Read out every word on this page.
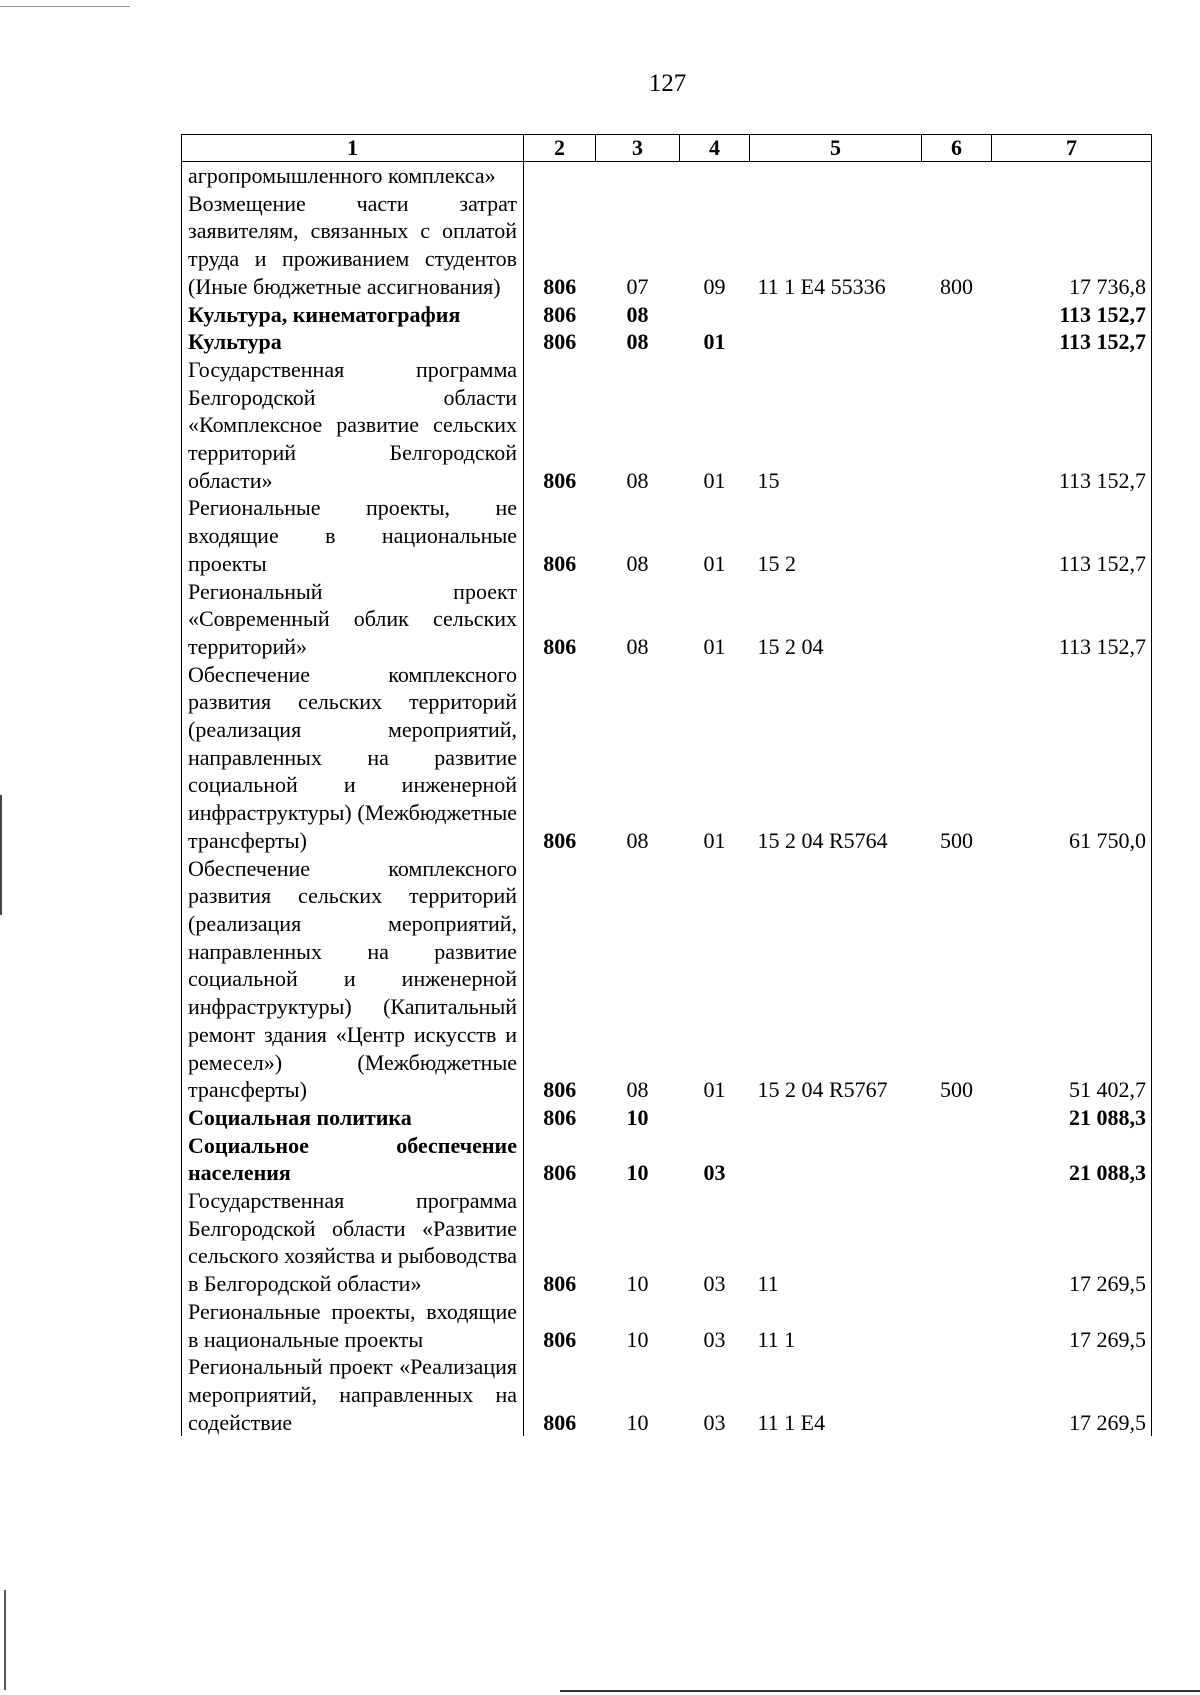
127
1	2	3	4	5	6	7
агропромышленного комплекса»						
Возмещение части затрат заявителям, связанных с оплатой труда и проживанием студентов (Иные бюджетные ассигнования)	806	07	09	11 1 E4 55336	800	17 736,8
Культура, кинематография	806	08				113 152,7
Культура	806	08	01			113 152,7
Государственная программа Белгородской области «Комплексное развитие сельских территорий Белгородской области»	806	08	01	15		113 152,7
Региональные проекты, не входящие в национальные проекты	806	08	01	15 2		113 152,7
Региональный проект «Современный облик сельских территорий»	806	08	01	15 2 04		113 152,7
Обеспечение комплексного развития сельских территорий (реализация мероприятий, направленных на развитие социальной и инженерной инфраструктуры) (Межбюджетные трансферты)	806	08	01	15 2 04 R5764	500	61 750,0
Обеспечение комплексного развития сельских территорий (реализация мероприятий, направленных на развитие социальной и инженерной инфраструктуры) (Капитальный ремонт здания «Центр искусств и ремесел») (Межбюджетные трансферты)	806	08	01	15 2 04 R5767	500	51 402,7
Социальная политика	806	10				21 088,3
Социальное обеспечение населения	806	10	03			21 088,3
Государственная программа Белгородской области «Развитие сельского хозяйства и рыбоводства в Белгородской области»	806	10	03	11		17 269,5
Региональные проекты, входящие в национальные проекты	806	10	03	11 1		17 269,5
Региональный проект «Реализация мероприятий, направленных на содействие	806	10	03	11 1 E4		17 269,5
